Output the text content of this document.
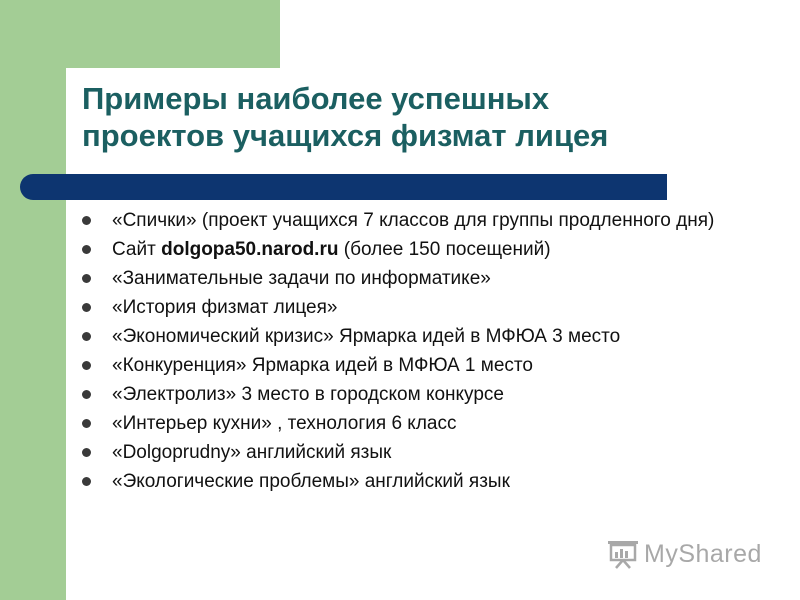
Примеры наиболее успешных
проектов учащихся физмат лицея
«Спички» (проект учащихся 7 классов для группы продленного дня)
Сайт dolgopa50.narod.ru (более 150 посещений)
«Занимательные задачи по информатике»
«История физмат лицея»
«Экономический кризис» Ярмарка идей в МФЮА 3 место
«Конкуренция» Ярмарка идей в МФЮА 1 место
«Электролиз» 3 место в городском конкурсе
«Интерьер кухни» , технология 6 класс
«Dolgoprudny» английский язык
«Экологические проблемы» английский язык
MyShared
